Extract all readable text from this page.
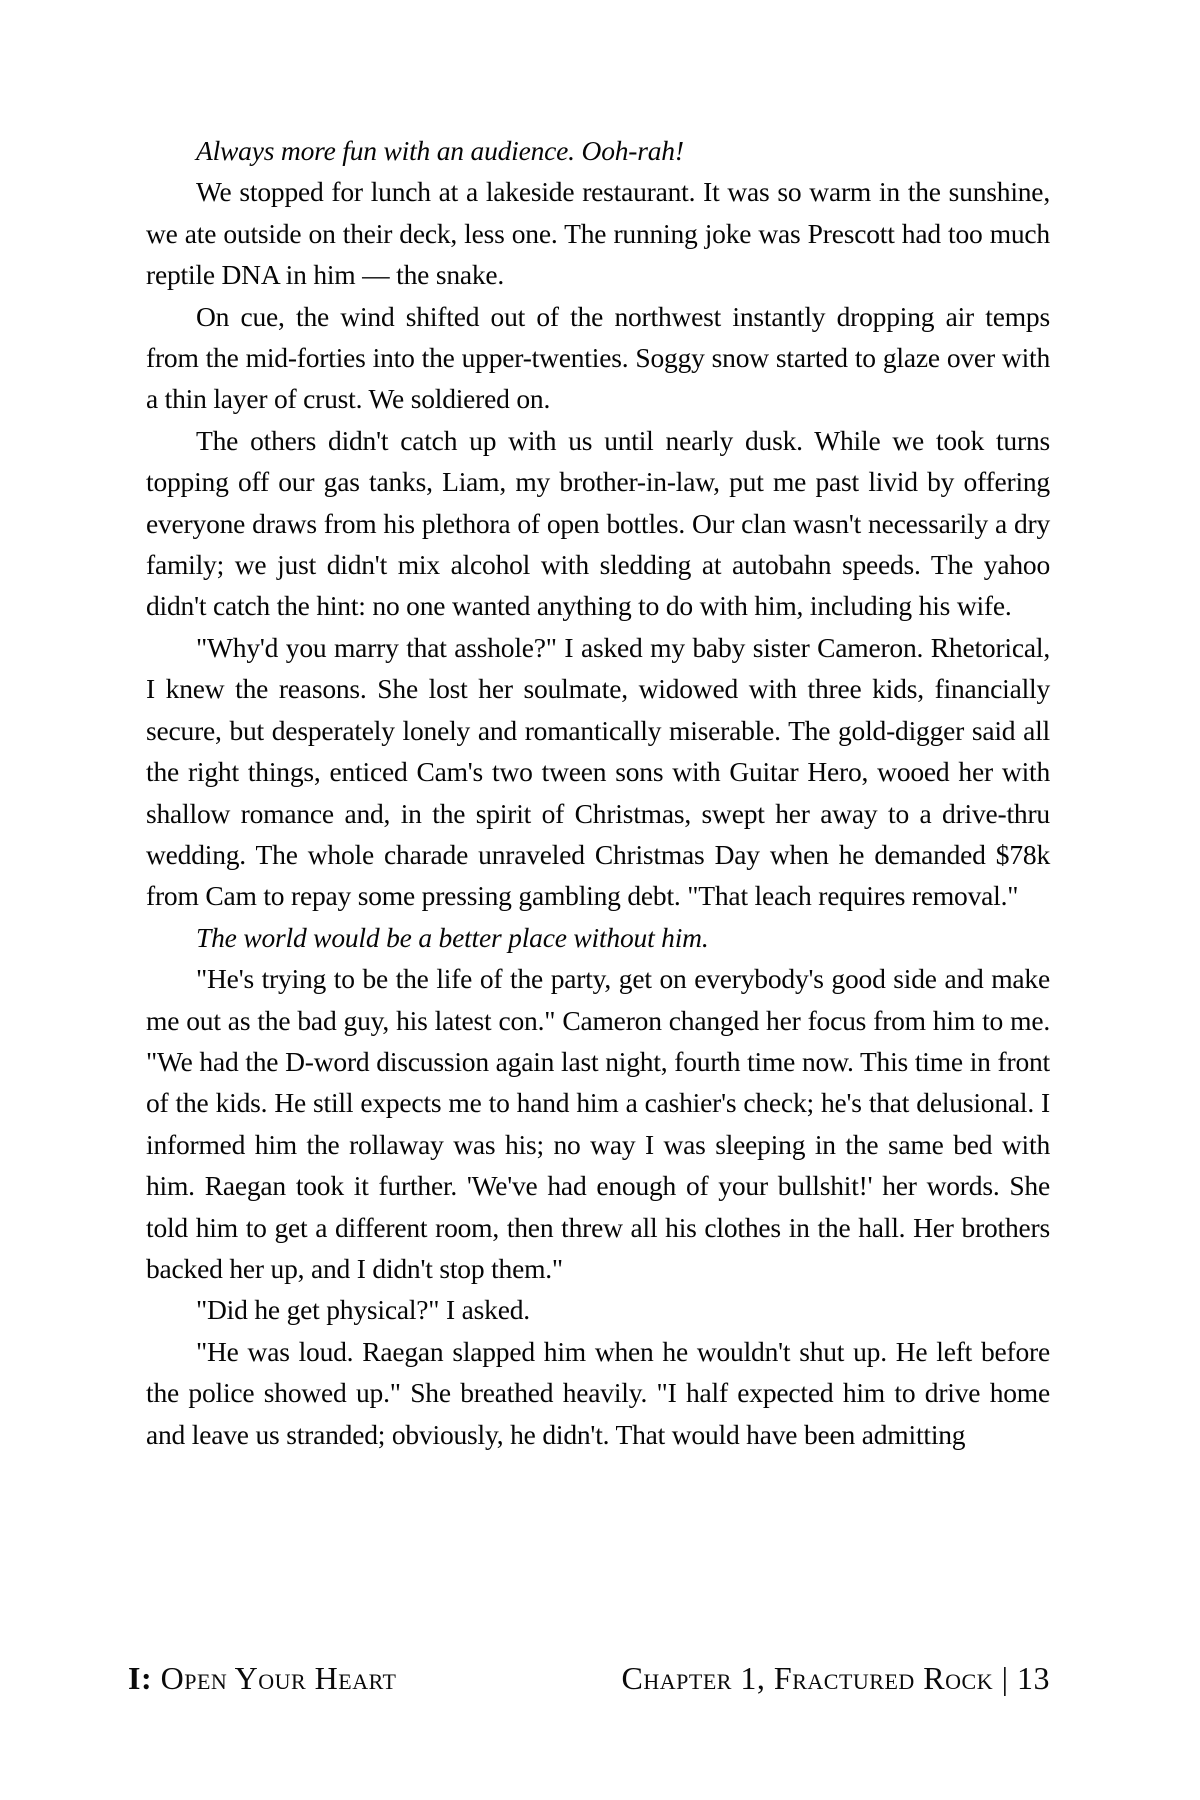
Always more fun with an audience. Ooh-rah!

We stopped for lunch at a lakeside restaurant. It was so warm in the sunshine, we ate outside on their deck, less one. The running joke was Prescott had too much reptile DNA in him — the snake.

On cue, the wind shifted out of the northwest instantly dropping air temps from the mid-forties into the upper-twenties. Soggy snow started to glaze over with a thin layer of crust. We soldiered on.

The others didn't catch up with us until nearly dusk. While we took turns topping off our gas tanks, Liam, my brother-in-law, put me past livid by offering everyone draws from his plethora of open bottles. Our clan wasn't necessarily a dry family; we just didn't mix alcohol with sledding at autobahn speeds. The yahoo didn't catch the hint: no one wanted anything to do with him, including his wife.

"Why'd you marry that asshole?" I asked my baby sister Cameron. Rhetorical, I knew the reasons. She lost her soulmate, widowed with three kids, financially secure, but desperately lonely and romantically miserable. The gold-digger said all the right things, enticed Cam's two tween sons with Guitar Hero, wooed her with shallow romance and, in the spirit of Christmas, swept her away to a drive-thru wedding. The whole charade unraveled Christmas Day when he demanded $78k from Cam to repay some pressing gambling debt. "That leach requires removal."

The world would be a better place without him.

"He's trying to be the life of the party, get on everybody's good side and make me out as the bad guy, his latest con." Cameron changed her focus from him to me. "We had the D-word discussion again last night, fourth time now. This time in front of the kids. He still expects me to hand him a cashier's check; he's that delusional. I informed him the rollaway was his; no way I was sleeping in the same bed with him. Raegan took it further. 'We've had enough of your bullshit!' her words. She told him to get a different room, then threw all his clothes in the hall. Her brothers backed her up, and I didn't stop them."

"Did he get physical?" I asked.

"He was loud. Raegan slapped him when he wouldn't shut up. He left before the police showed up." She breathed heavily. "I half expected him to drive home and leave us stranded; obviously, he didn't. That would have been admitting

I: Open Your Heart	Chapter 1, Fractured Rock | 13
